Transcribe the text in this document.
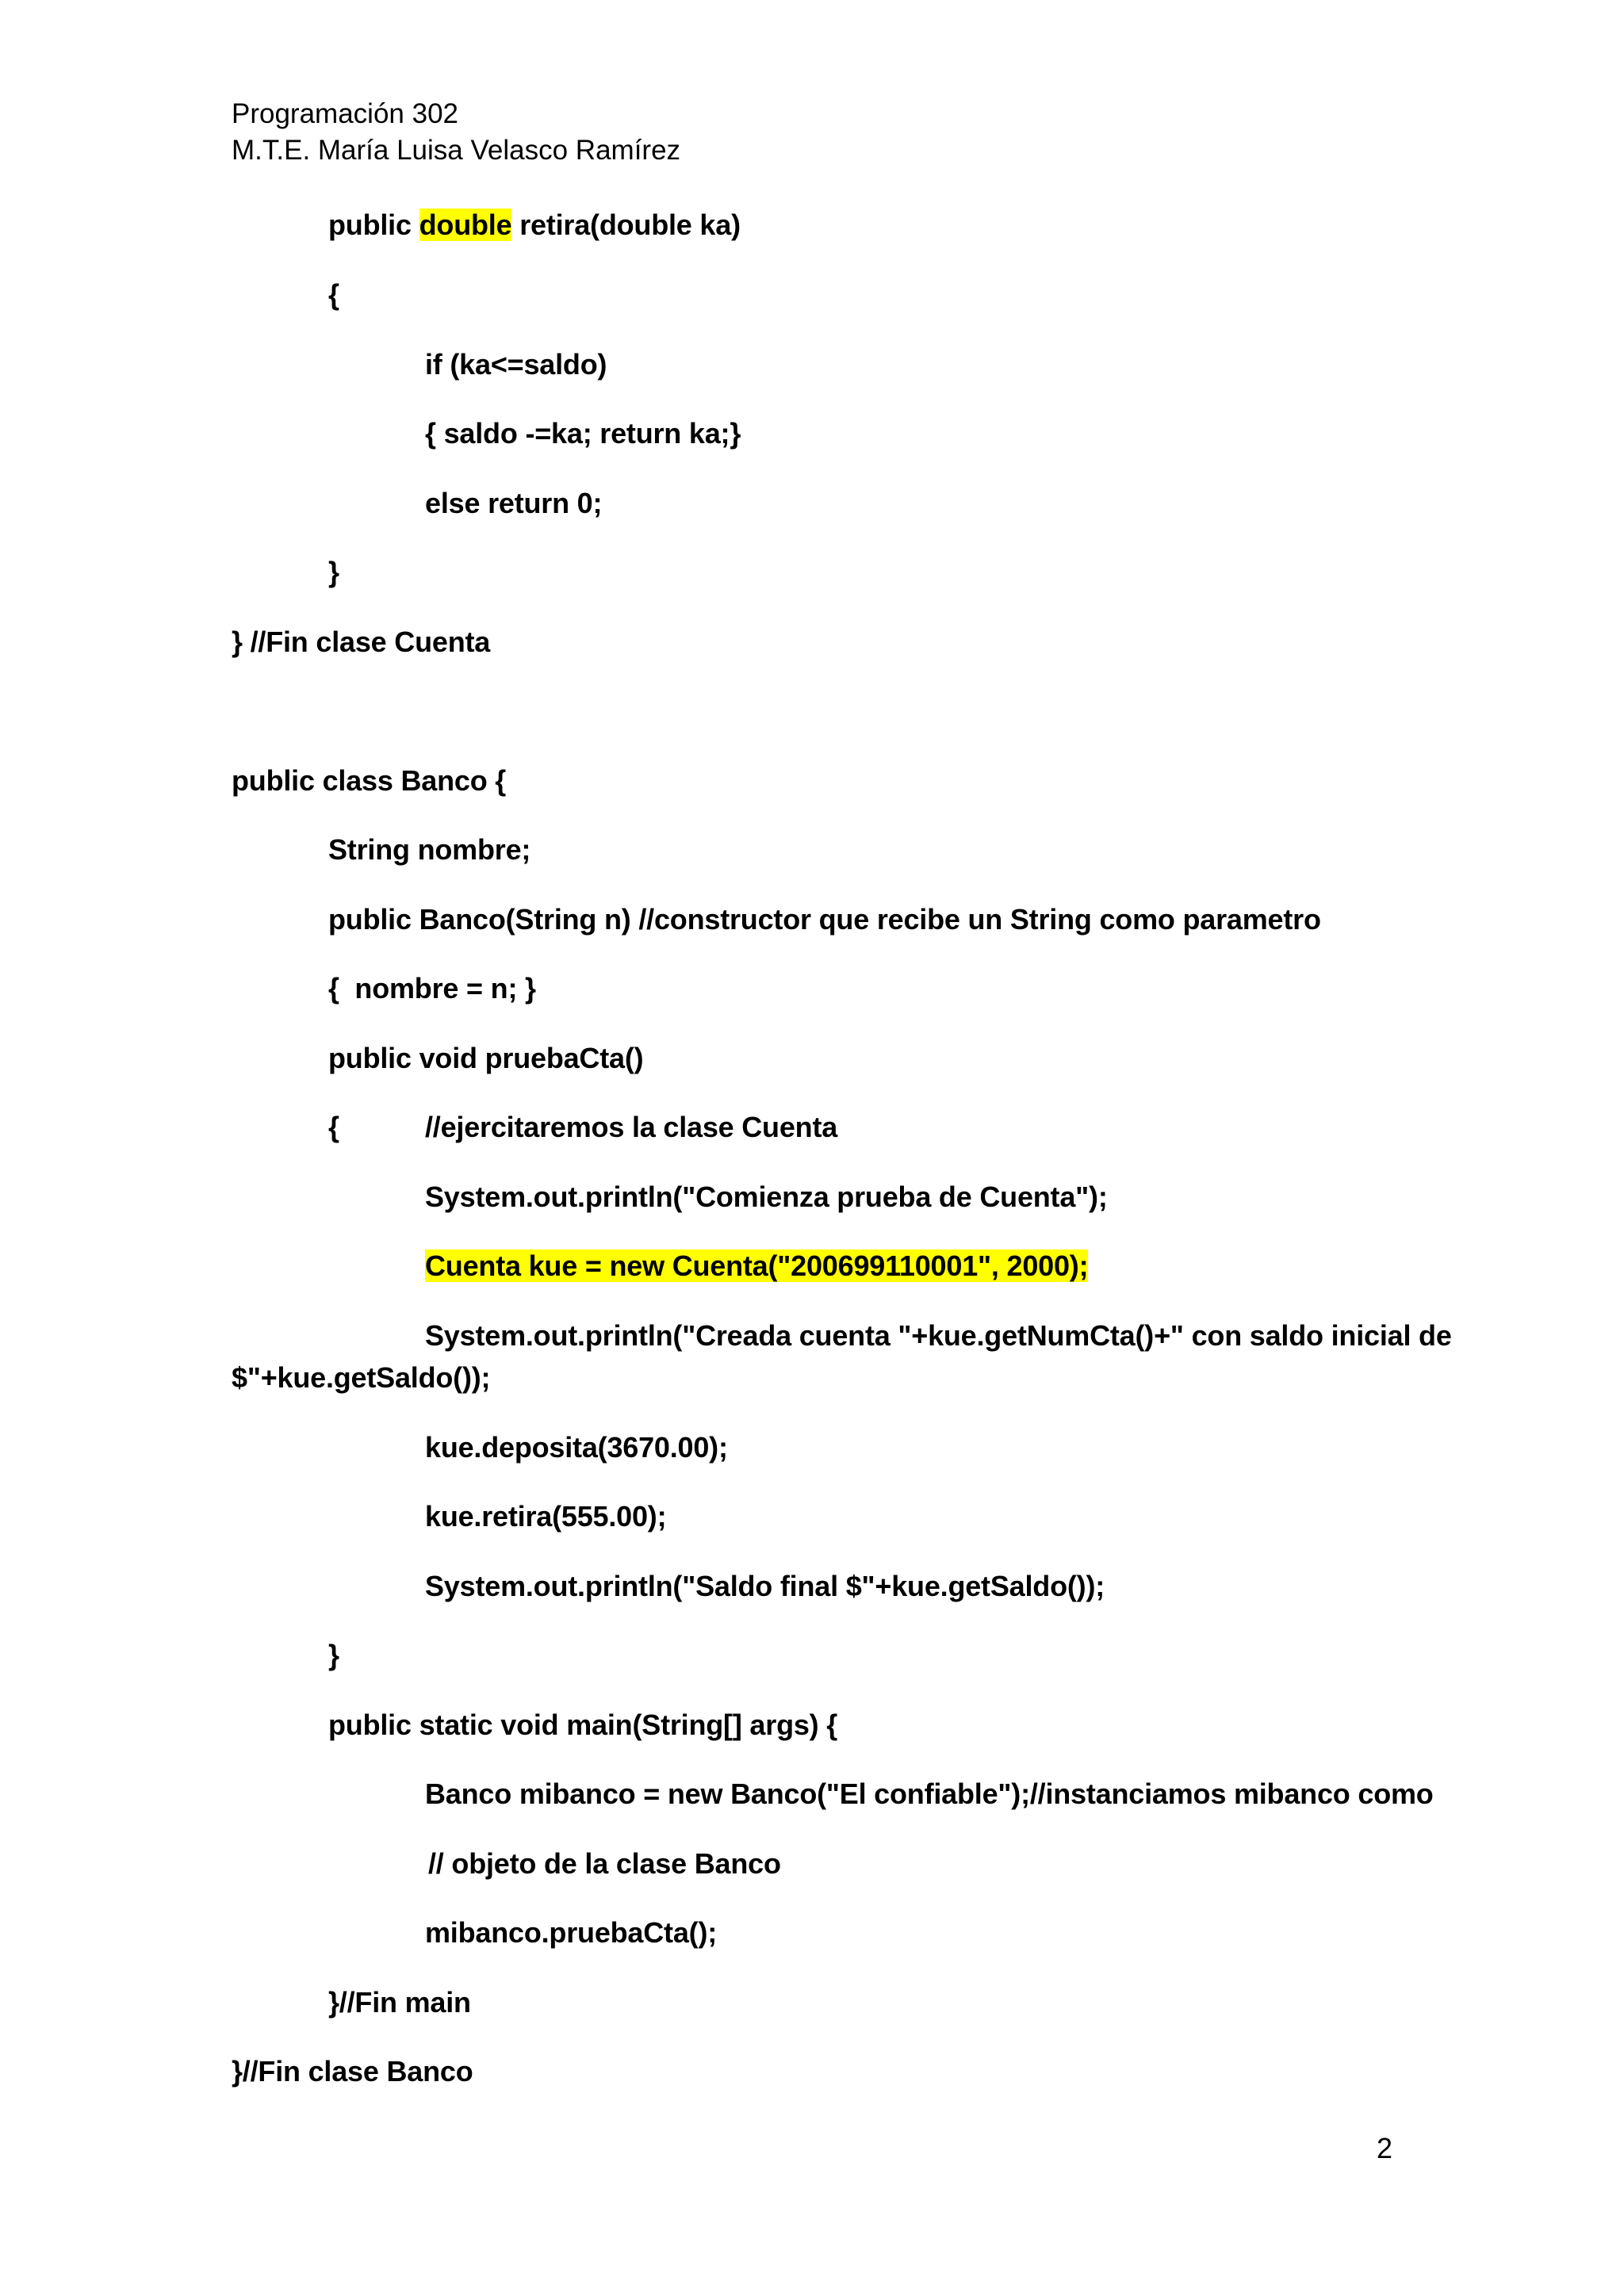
Programación 302
M.T.E. María Luisa Velasco Ramírez
public double retira(double ka)
{
if (ka<=saldo)
{ saldo -=ka; return ka;}
else return 0;
}
} //Fin clase Cuenta
public class Banco {
String nombre;
public Banco(String n) //constructor que recibe un String como parametro
{  nombre = n; }
public void pruebaCta()
{	//ejercitaremos la clase Cuenta
System.out.println("Comienza prueba de Cuenta");
Cuenta kue = new Cuenta("200699110001", 2000);
System.out.println("Creada cuenta "+kue.getNumCta()+" con saldo inicial de
$"+kue.getSaldo());
kue.deposita(3670.00);
kue.retira(555.00);
System.out.println("Saldo final $"+kue.getSaldo());
}
public static void main(String[] args) {
Banco mibanco = new Banco("El confiable");//instanciamos mibanco como
// objeto de la clase Banco
mibanco.pruebaCta();
}//Fin main
}//Fin clase Banco
2
